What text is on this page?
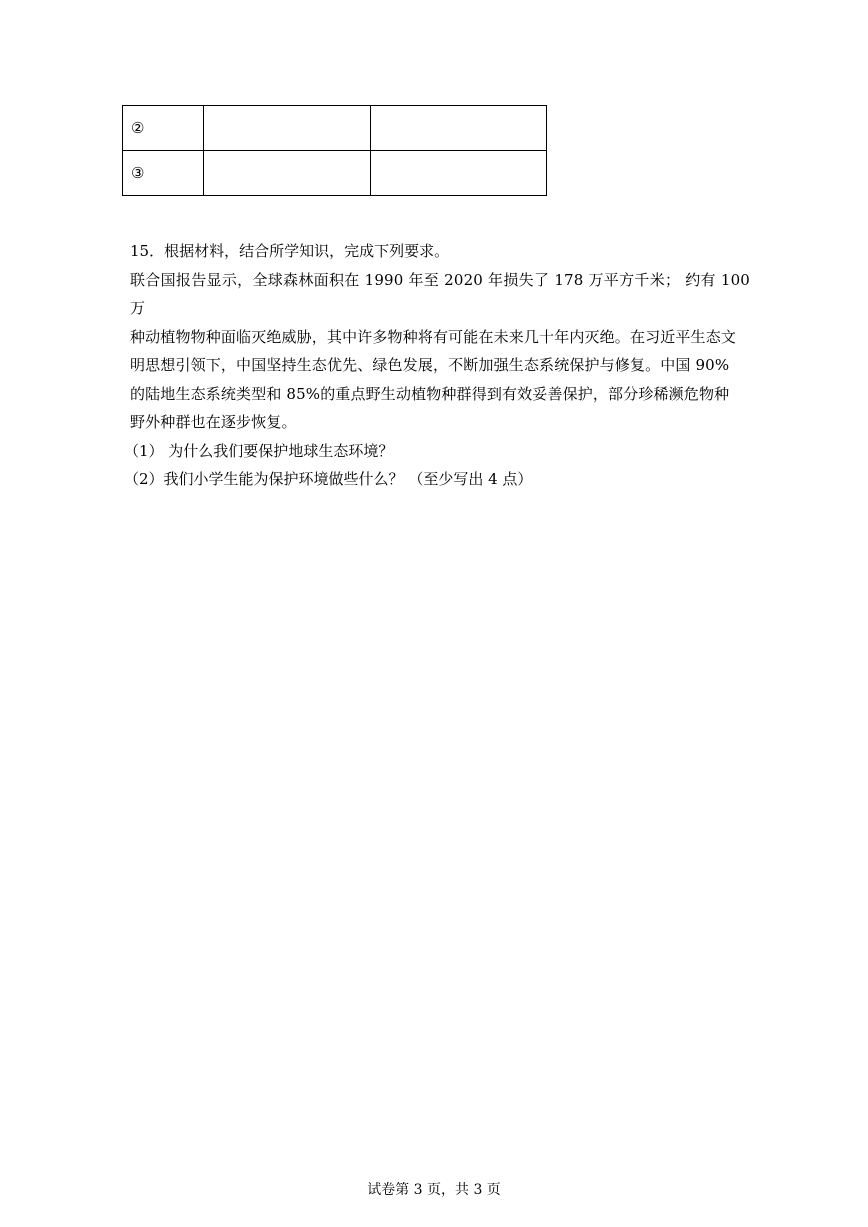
②		
③		

15．根据材料，结合所学知识，完成下列要求。

联合国报告显示，全球森林面积在 1990 年至 2020 年损失了 178 万平方千米； 约有 100 万

种动植物物种面临灭绝威胁，其中许多物种将有可能在未来几十年内灭绝。在习近平生态文

明思想引领下，中国坚持生态优先、绿色发展，不断加强生态系统保护与修复。中国 90%

的陆地生态系统类型和 85%的重点野生动植物种群得到有效妥善保护，部分珍稀濒危物种

野外种群也在逐步恢复。

（1） 为什么我们要保护地球生态环境？

（2）我们小学生能为保护环境做些什么？ （至少写出 4 点）

试卷第 3 页，共 3 页
